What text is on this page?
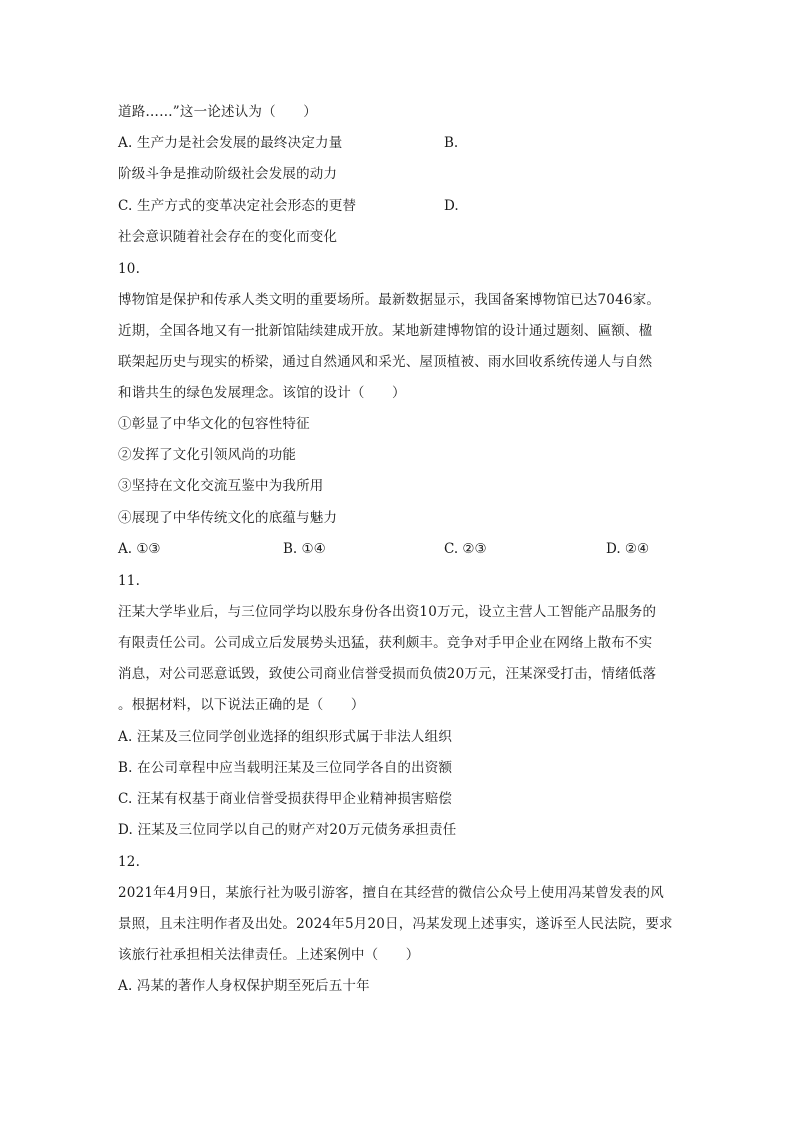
道路……”这一论述认为（　　）
A. 生产力是社会发展的最终决定力量	B.
阶级斗争是推动阶级社会发展的动力
C. 生产方式的变革决定社会形态的更替	D.
社会意识随着社会存在的变化而变化
10.
博物馆是保护和传承人类文明的重要场所。最新数据显示，我国备案博物馆已达7046家。
近期，全国各地又有一批新馆陆续建成开放。某地新建博物馆的设计通过题刻、匾额、楹
联架起历史与现实的桥梁，通过自然通风和采光、屋顶植被、雨水回收系统传递人与自然
和谐共生的绿色发展理念。该馆的设计（　　）
①彰显了中华文化的包容性特征
②发挥了文化引领风尚的功能
③坚持在文化交流互鉴中为我所用
④展现了中华传统文化的底蕴与魅力
A. ①③	B. ①④	C. ②③	D. ②④
11.
汪某大学毕业后，与三位同学均以股东身份各出资10万元，设立主营人工智能产品服务的
有限责任公司。公司成立后发展势头迅猛，获利颇丰。竞争对手甲企业在网络上散布不实
消息，对公司恶意诋毁，致使公司商业信誉受损而负债20万元，汪某深受打击，情绪低落
。根据材料，以下说法正确的是（　　）
A. 汪某及三位同学创业选择的组织形式属于非法人组织
B. 在公司章程中应当载明汪某及三位同学各自的出资额
C. 汪某有权基于商业信誉受损获得甲企业精神损害赔偿
D. 汪某及三位同学以自己的财产对20万元债务承担责任
12.
2021年4月9日，某旅行社为吸引游客，擅自在其经营的微信公众号上使用冯某曾发表的风
景照，且未注明作者及出处。2024年5月20日，冯某发现上述事实，遂诉至人民法院，要求
该旅行社承担相关法律责任。上述案例中（　　）
A. 冯某的著作人身权保护期至死后五十年
